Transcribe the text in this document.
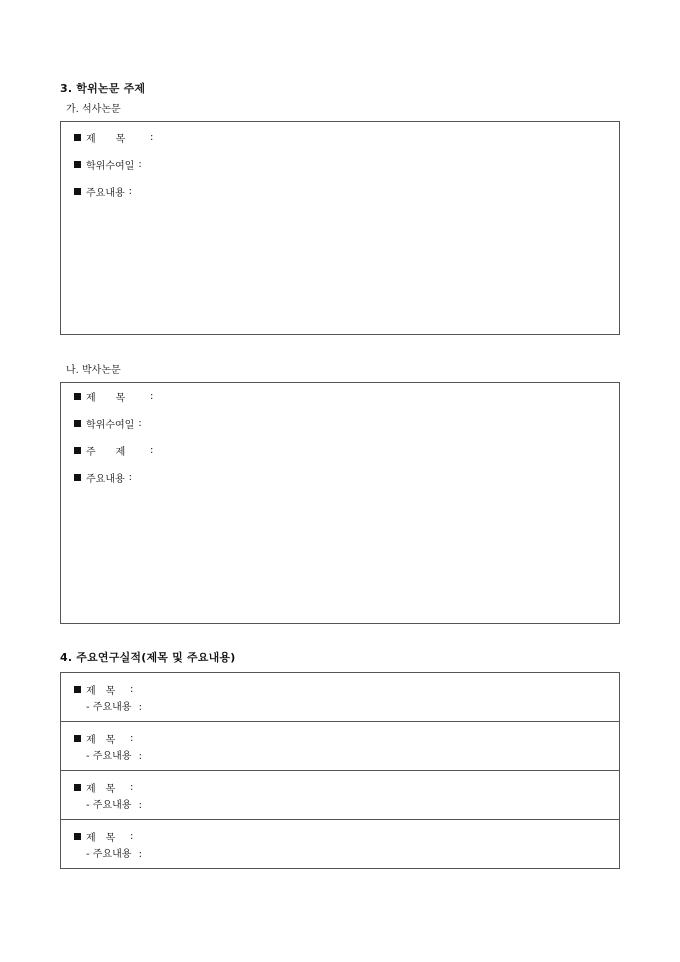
3. 학위논문 주제
가. 석사논문
제　　목	:
학위수여일 :
주요내용 :
나. 박사논문
제　　목	:
학위수여일 :
주　　제	:
주요내용 :
4. 주요연구실적(제목 및 주요내용)
제　목	:
- 주요내용 :
제　목	:
- 주요내용 :
제　목	:
- 주요내용 :
제　목	:
- 주요내용 :
